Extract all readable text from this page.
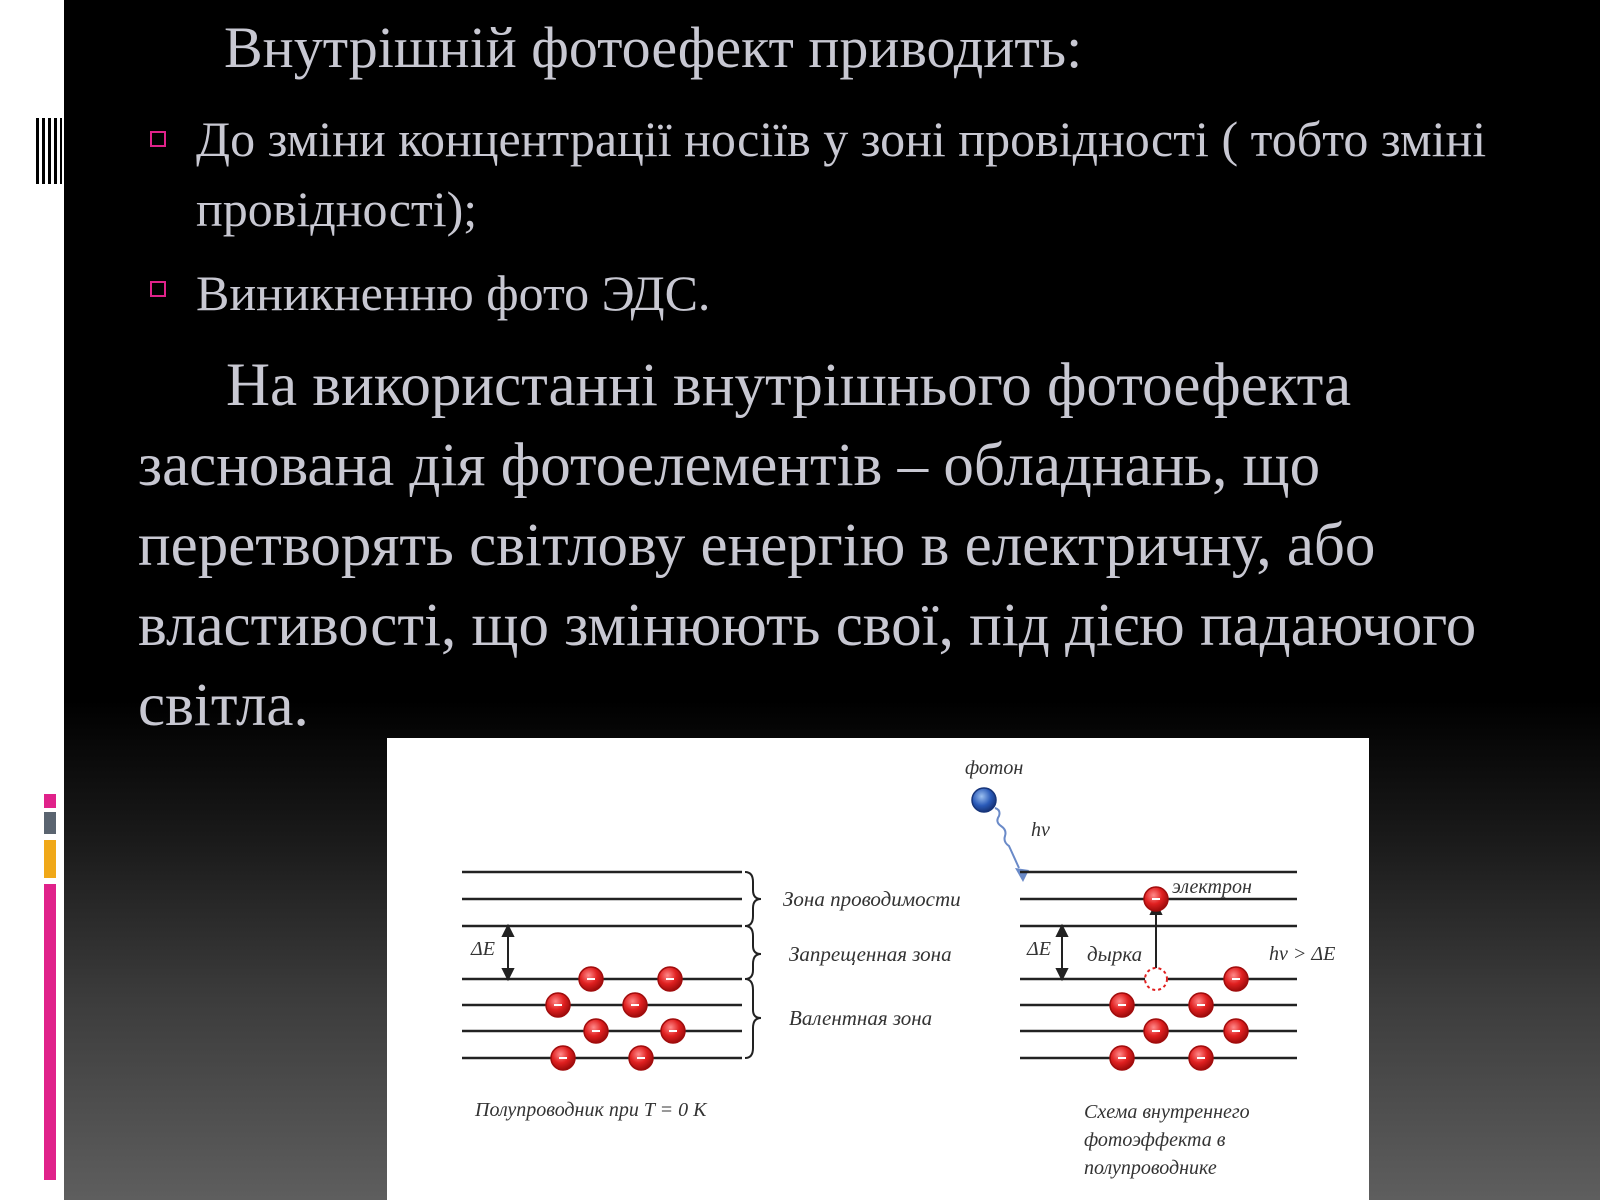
Внутрішній фотоефект приводить:
До зміни концентрації носіїв у зоні провідності ( тобто зміні провідності);
Виникненню фото ЭДС.
На використанні внутрішнього фотоефекта заснована дія фотоелементів – обладнань, що перетворять світлову енергію в електричну, або властивості, що змінюють свої, під дією падаючого світла.
Зона проводимости
Запрещенная зона
Валентная зона
ΔE
Полупроводник при T = 0 K
фотон
hv
ΔE
электрон
дырка	hv > ΔE
Схема внутреннего
фотоэффекта в
полупроводнике
